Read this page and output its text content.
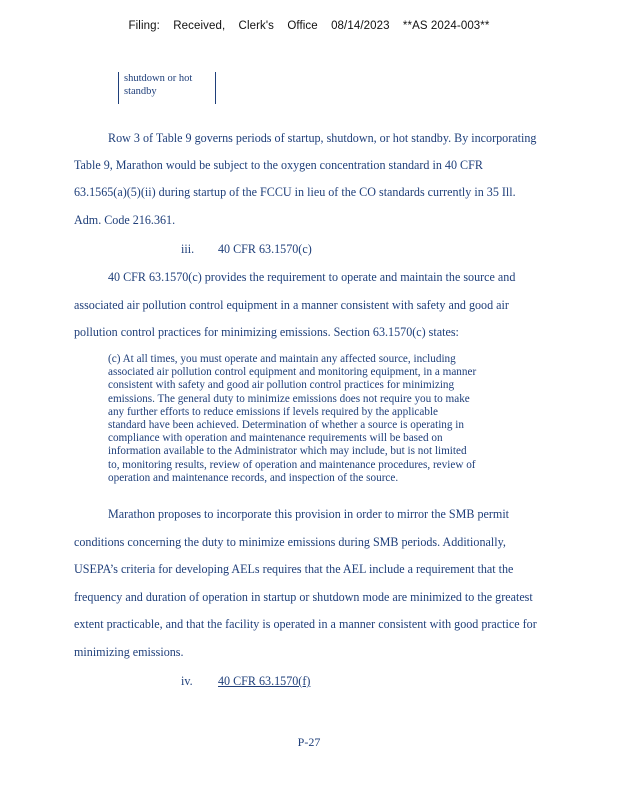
Filing: Received, Clerk's Office 08/14/2023 **AS 2024-003**
shutdown or hot
standby
Row 3 of Table 9 governs periods of startup, shutdown, or hot standby. By incorporating
Table 9, Marathon would be subject to the oxygen concentration standard in 40 CFR
63.1565(a)(5)(ii) during startup of the FCCU in lieu of the CO standards currently in 35 Ill.
Adm. Code 216.361.
iii. 40 CFR 63.1570(c)
40 CFR 63.1570(c) provides the requirement to operate and maintain the source and
associated air pollution control equipment in a manner consistent with safety and good air
pollution control practices for minimizing emissions. Section 63.1570(c) states:
(c) At all times, you must operate and maintain any affected source, including
associated air pollution control equipment and monitoring equipment, in a manner
consistent with safety and good air pollution control practices for minimizing
emissions. The general duty to minimize emissions does not require you to make
any further efforts to reduce emissions if levels required by the applicable
standard have been achieved. Determination of whether a source is operating in
compliance with operation and maintenance requirements will be based on
information available to the Administrator which may include, but is not limited
to, monitoring results, review of operation and maintenance procedures, review of
operation and maintenance records, and inspection of the source.
Marathon proposes to incorporate this provision in order to mirror the SMB permit
conditions concerning the duty to minimize emissions during SMB periods. Additionally,
USEPA’s criteria for developing AELs requires that the AEL include a requirement that the
frequency and duration of operation in startup or shutdown mode are minimized to the greatest
extent practicable, and that the facility is operated in a manner consistent with good practice for
minimizing emissions.
iv. 40 CFR 63.1570(f)
P-27
